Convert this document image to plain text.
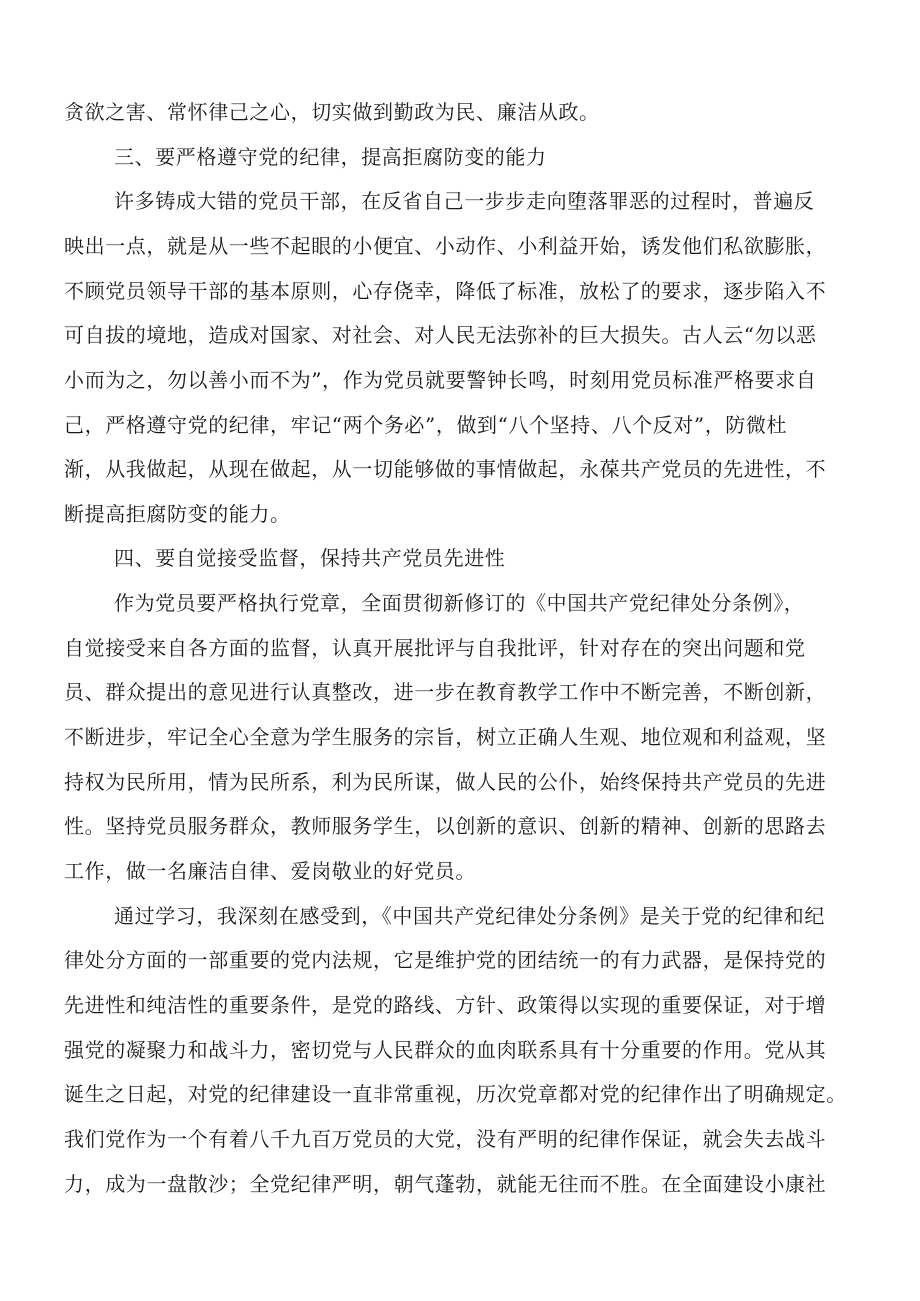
贪欲之害、常怀律己之心，切实做到勤政为民、廉洁从政。
三、要严格遵守党的纪律，提高拒腐防变的能力
许多铸成大错的党员干部，在反省自己一步步走向堕落罪恶的过程时，普遍反
映出一点，就是从一些不起眼的小便宜、小动作、小利益开始，诱发他们私欲膨胀，
不顾党员领导干部的基本原则，心存侥幸，降低了标准，放松了的要求，逐步陷入不
可自拔的境地，造成对国家、对社会、对人民无法弥补的巨大损失。古人云“勿以恶
小而为之，勿以善小而不为”，作为党员就要警钟长鸣，时刻用党员标准严格要求自
己，严格遵守党的纪律，牢记“两个务必”，做到“八个坚持、八个反对”，防微杜
渐，从我做起，从现在做起，从一切能够做的事情做起，永葆共产党员的先进性，不
断提高拒腐防变的能力。
四、要自觉接受监督，保持共产党员先进性
作为党员要严格执行党章，全面贯彻新修订的《中国共产党纪律处分条例》，
自觉接受来自各方面的监督，认真开展批评与自我批评，针对存在的突出问题和党
员、群众提出的意见进行认真整改，进一步在教育教学工作中不断完善，不断创新，
不断进步，牢记全心全意为学生服务的宗旨，树立正确人生观、地位观和利益观，坚
持权为民所用，情为民所系，利为民所谋，做人民的公仆，始终保持共产党员的先进
性。坚持党员服务群众，教师服务学生，以创新的意识、创新的精神、创新的思路去
工作，做一名廉洁自律、爱岗敬业的好党员。
通过学习，我深刻在感受到，《中国共产党纪律处分条例》是关于党的纪律和纪
律处分方面的一部重要的党内法规，它是维护党的团结统一的有力武器，是保持党的
先进性和纯洁性的重要条件，是党的路线、方针、政策得以实现的重要保证，对于增
强党的凝聚力和战斗力，密切党与人民群众的血肉联系具有十分重要的作用。党从其
诞生之日起，对党的纪律建设一直非常重视，历次党章都对党的纪律作出了明确规定。
我们党作为一个有着八千九百万党员的大党，没有严明的纪律作保证，就会失去战斗
力，成为一盘散沙；全党纪律严明，朝气蓬勃，就能无往而不胜。在全面建设小康社
